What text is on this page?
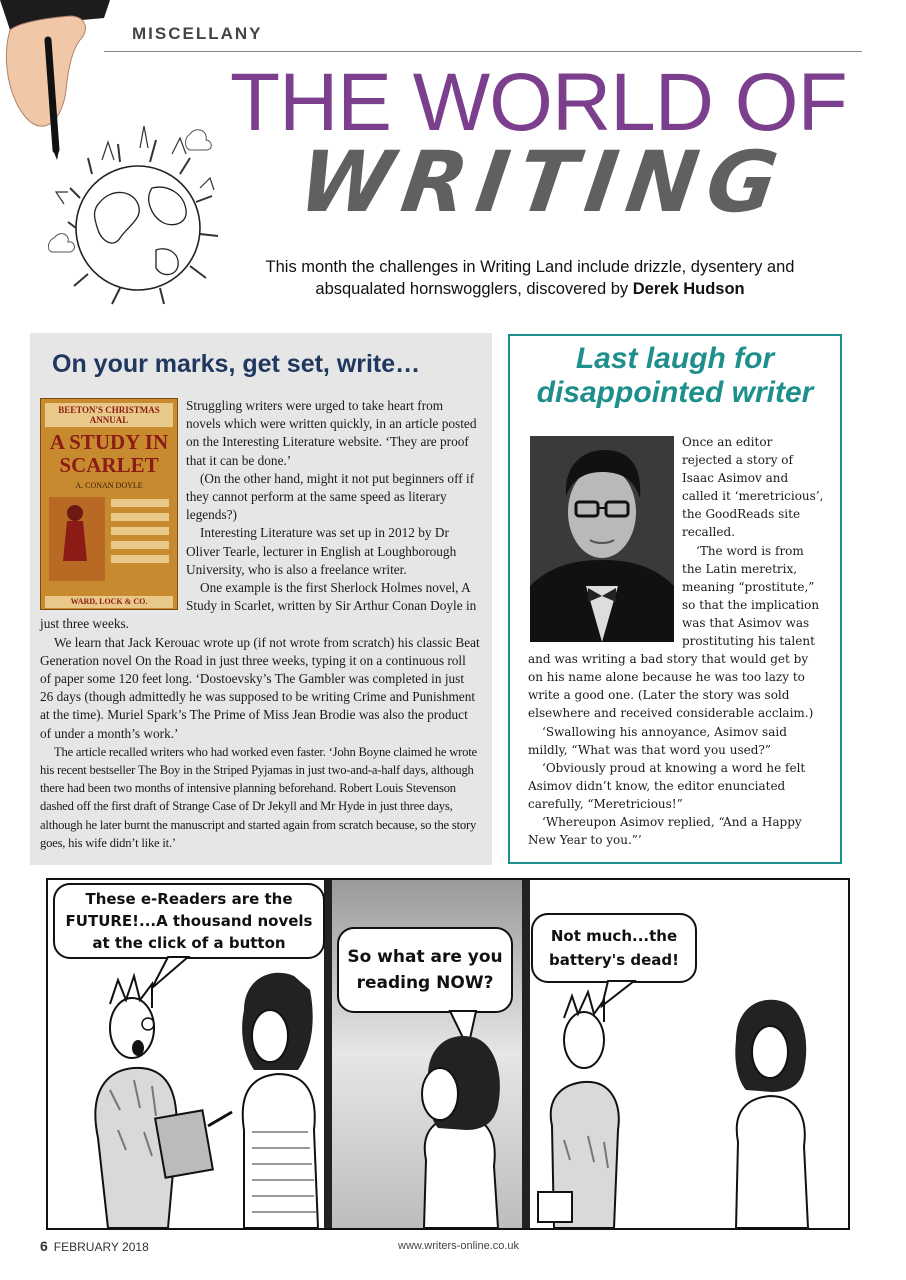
MISCELLANY
THE WORLD OF
WRITING
This month the challenges in Writing Land include drizzle, dysentery and absqualated hornswogglers, discovered by Derek Hudson
On your marks, get set, write…
BEETON'S CHRISTMAS ANNUAL
A STUDY IN
SCARLET
A. CONAN DOYLE
WARD, LOCK & CO.

Struggling writers were urged to take heart from novels which were written quickly, in an article posted on the Interesting Literature website. ‘They are proof that it can be done.’

(On the other hand, might it not put beginners off if they cannot perform at the same speed as literary legends?)

Interesting Literature was set up in 2012 by Dr Oliver Tearle, lecturer in English at Loughborough University, who is also a freelance writer.

One example is the first Sherlock Holmes novel, A Study in Scarlet, written by Sir Arthur Conan Doyle in just three weeks.

We learn that Jack Kerouac wrote up (if not wrote from scratch) his classic Beat Generation novel On the Road in just three weeks, typing it on a continuous roll of paper some 120 feet long. ‘Dostoevsky’s The Gambler was completed in just 26 days (though admittedly he was supposed to be writing Crime and Punishment at the time). Muriel Spark’s The Prime of Miss Jean Brodie was also the product of under a month’s work.’

The article recalled writers who had worked even faster. ‘John Boyne claimed he wrote his recent bestseller The Boy in the Striped Pyjamas in just two-and-a-half days, although there had been two months of intensive planning beforehand. Robert Louis Stevenson dashed off the first draft of Strange Case of Dr Jekyll and Mr Hyde in just three days, although he later burnt the manuscript and started again from scratch because, so the story goes, his wife didn’t like it.’

Last laugh for
disappointed writer

Once an editor rejected a story of Isaac Asimov and called it ‘meretricious’, the GoodReads site recalled.

‘The word is from the Latin meretrix, meaning “prostitute,” so that the implication was that Asimov was prostituting his talent and was writing a bad story that would get by on his name alone because he was too lazy to write a good one. (Later the story was sold elsewhere and received considerable acclaim.)

‘Swallowing his annoyance, Asimov said mildly, “What was that word you used?”

‘Obviously proud at knowing a word he felt Asimov didn’t know, the editor enunciated carefully, “Meretricious!”

‘Whereupon Asimov replied, “And a Happy New Year to you.”’

These e-Readers are the
FUTURE!...A thousand novels
at the click of a button
So what are you
reading NOW?
Not much...the
battery's dead!
6 FEBRUARY 2018	www.writers-online.co.uk
